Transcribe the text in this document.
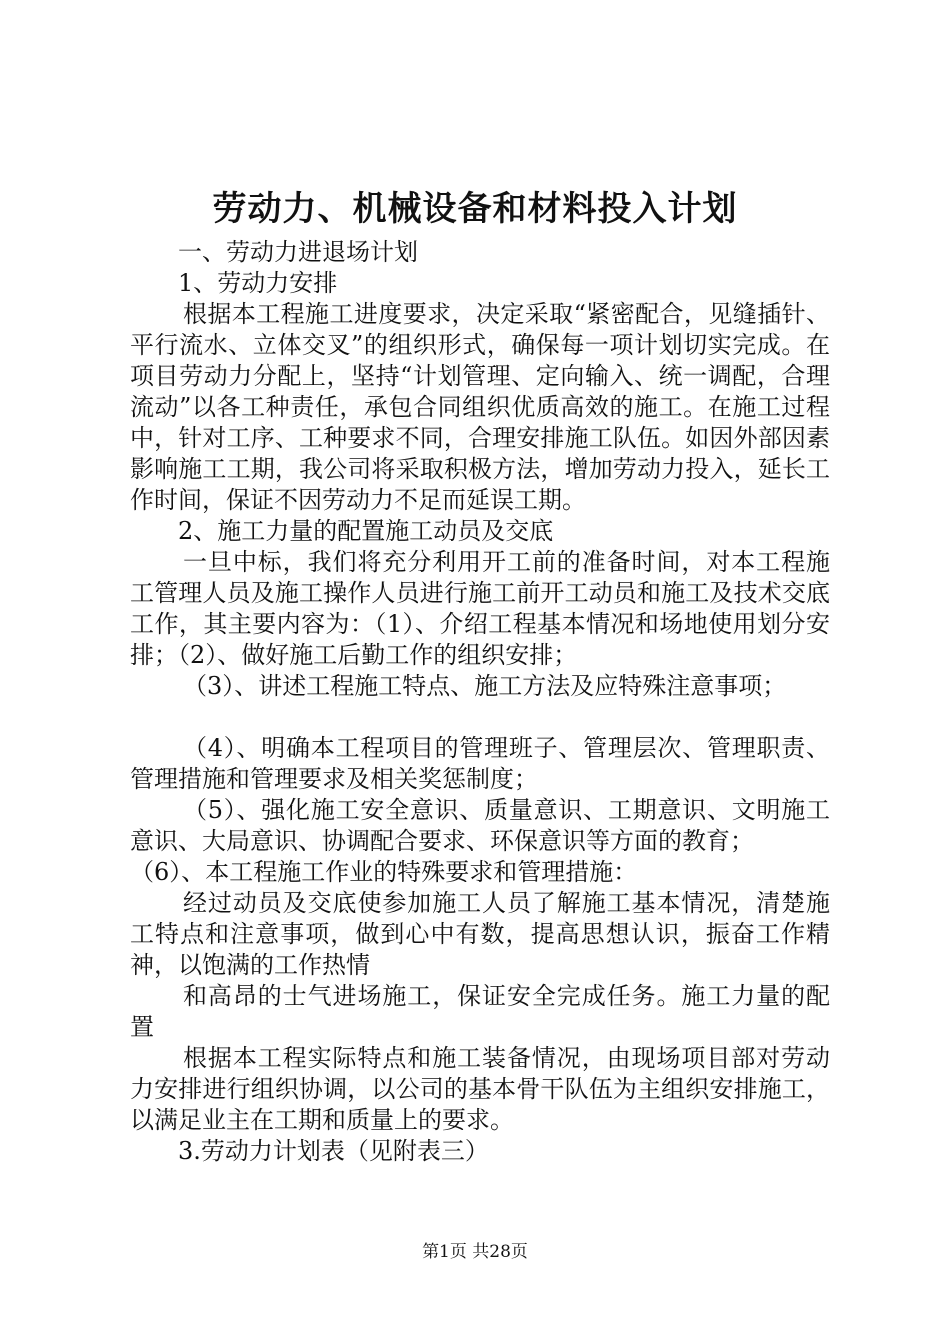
劳动力、机械设备和材料投入计划

一、劳动力进退场计划

1、劳动力安排

根据本工程施工进度要求，决定采取“紧密配合，见缝插针、平行流水、立体交叉”的组织形式，确保每一项计划切实完成。在项目劳动力分配上，坚持“计划管理、定向输入、统一调配，合理流动”以各工种责任，承包合同组织优质高效的施工。在施工过程中，针对工序、工种要求不同，合理安排施工队伍。如因外部因素影响施工工期，我公司将采取积极方法，增加劳动力投入，延长工作时间，保证不因劳动力不足而延误工期。

2、施工力量的配置施工动员及交底

一旦中标，我们将充分利用开工前的准备时间，对本工程施工管理人员及施工操作人员进行施工前开工动员和施工及技术交底工作，其主要内容为：（1）、介绍工程基本情况和场地使用划分安排；（2）、做好施工后勤工作的组织安排；

（3）、讲述工程施工特点、施工方法及应特殊注意事项；

（4）、明确本工程项目的管理班子、管理层次、管理职责、管理措施和管理要求及相关奖惩制度；

（5）、强化施工安全意识、质量意识、工期意识、文明施工意识、大局意识、协调配合要求、环保意识等方面的教育；

（6）、本工程施工作业的特殊要求和管理措施：

经过动员及交底使参加施工人员了解施工基本情况，清楚施工特点和注意事项，做到心中有数，提高思想认识，振奋工作精神，以饱满的工作热情

和高昂的士气进场施工，保证安全完成任务。施工力量的配置

根据本工程实际特点和施工装备情况，由现场项目部对劳动力安排进行组织协调，以公司的基本骨干队伍为主组织安排施工，以满足业主在工期和质量上的要求。

3.劳动力计划表（见附表三）

第1页 共28页
